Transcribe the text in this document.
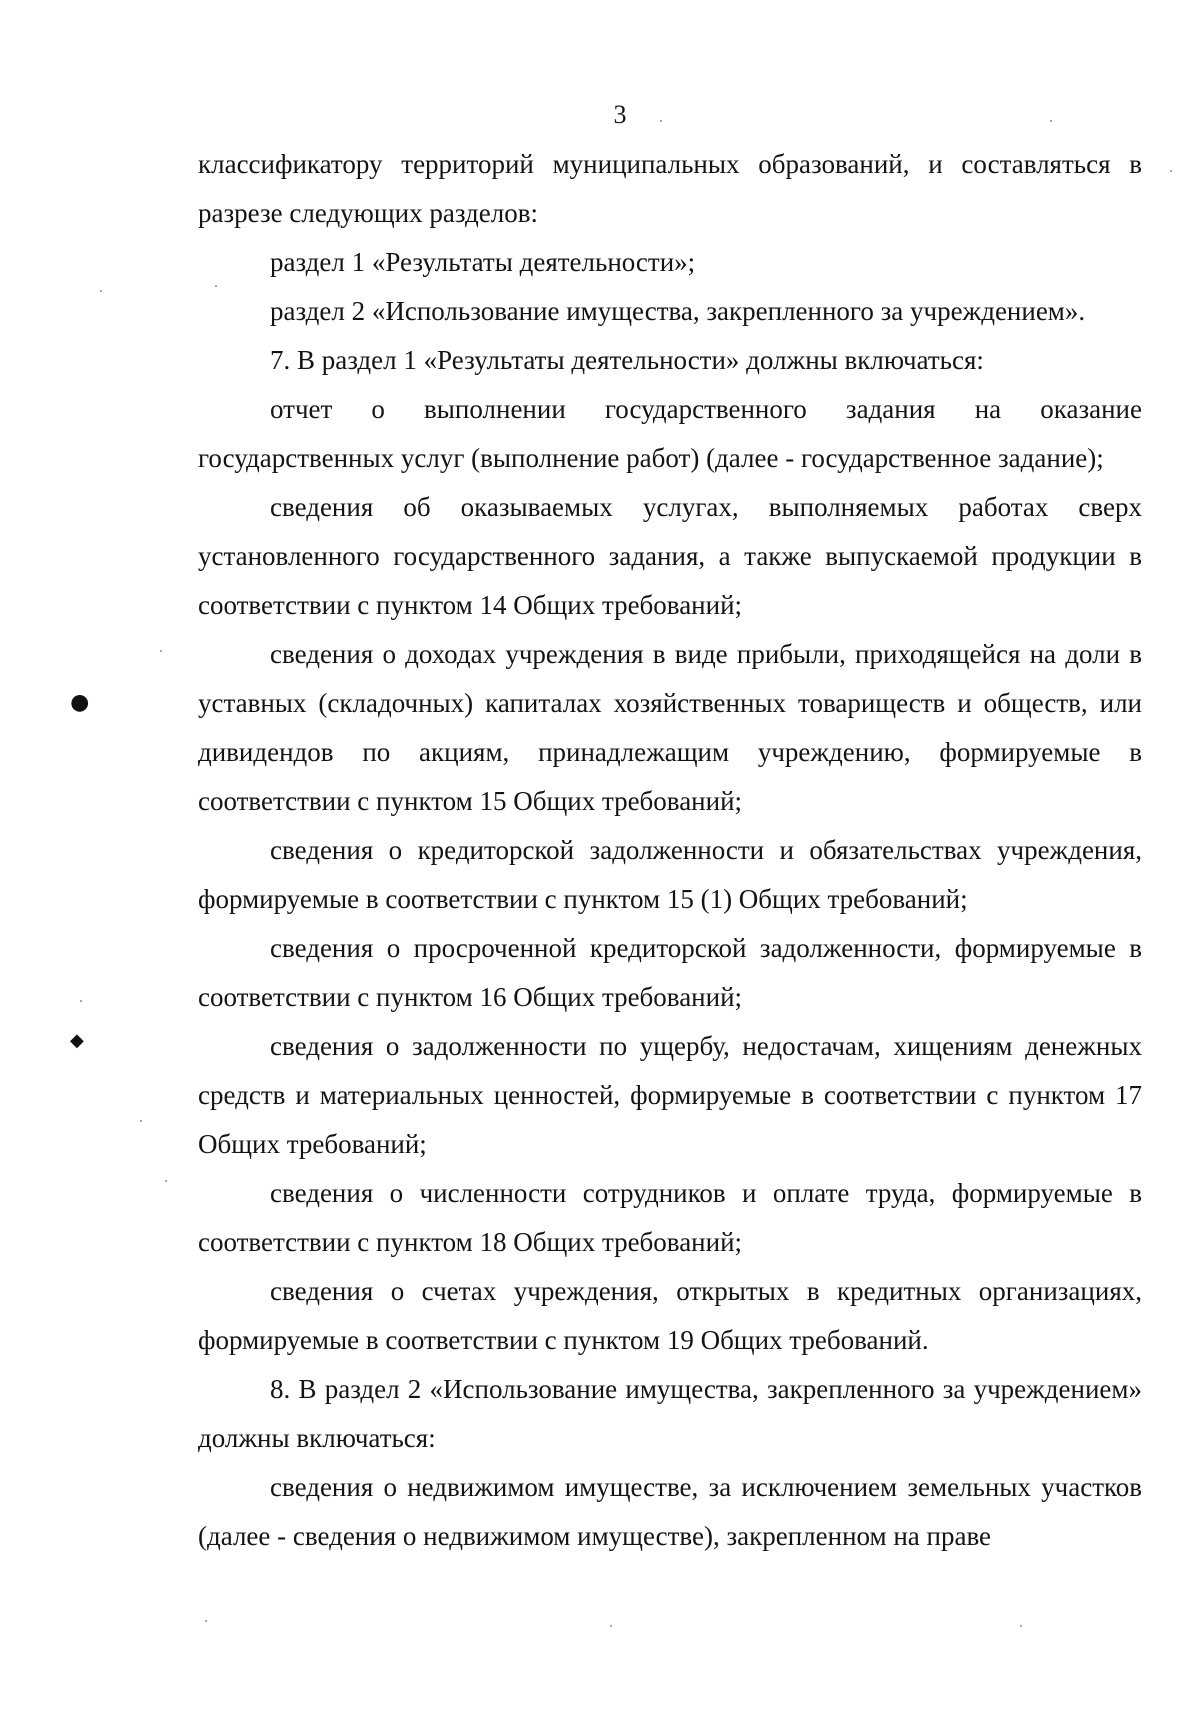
3

классификатору территорий муниципальных образований, и составляться в разрезе следующих разделов:

раздел 1 «Результаты деятельности»;

раздел 2 «Использование имущества, закрепленного за учреждением».

7. В раздел 1 «Результаты деятельности» должны включаться:

отчет о выполнении государственного задания на оказание государственных услуг (выполнение работ) (далее - государственное задание);

сведения об оказываемых услугах, выполняемых работах сверх установленного государственного задания, а также выпускаемой продукции в соответствии с пунктом 14 Общих требований;

сведения о доходах учреждения в виде прибыли, приходящейся на доли в уставных (складочных) капиталах хозяйственных товариществ и обществ, или дивидендов по акциям, принадлежащим учреждению, формируемые в соответствии с пунктом 15 Общих требований;

сведения о кредиторской задолженности и обязательствах учреждения, формируемые в соответствии с пунктом 15 (1) Общих требований;

сведения о просроченной кредиторской задолженности, формируемые в соответствии с пунктом 16 Общих требований;

сведения о задолженности по ущербу, недостачам, хищениям денежных средств и материальных ценностей, формируемые в соответствии с пунктом 17 Общих требований;

сведения о численности сотрудников и оплате труда, формируемые в соответствии с пунктом 18 Общих требований;

сведения о счетах учреждения, открытых в кредитных организациях, формируемые в соответствии с пунктом 19 Общих требований.

8. В раздел 2 «Использование имущества, закрепленного за учреждением» должны включаться:

сведения о недвижимом имуществе, за исключением земельных участков (далее - сведения о недвижимом имуществе), закрепленном на праве

●
◆
